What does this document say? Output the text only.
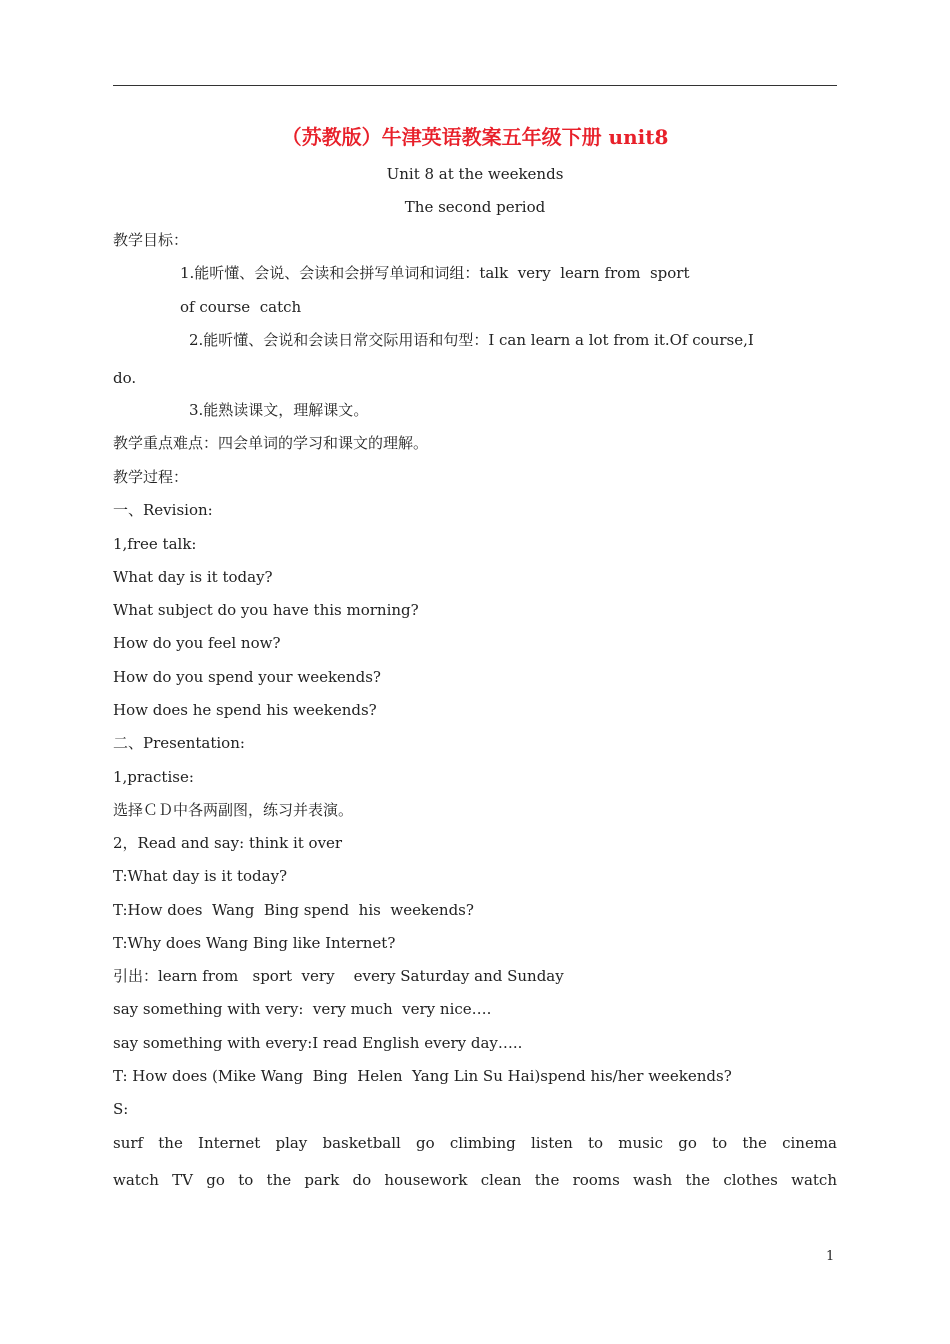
（苏教版）牛津英语教案五年级下册 unit8
Unit 8 at the weekends
The second period
教学目标：
1.能听懂、会说、会读和会拼写单词和词组：talk  very  learn from  sport
of course  catch
2.能听懂、会说和会读日常交际用语和句型：I can learn a lot from it.Of course,I
do.
3.能熟读课文，理解课文。
教学重点难点：四会单词的学习和课文的理解。
教学过程：
一、Revision:
1,free talk:
What day is it today?
What subject do you have this morning?
How do you feel now?
How do you spend your weekends?
How does he spend his weekends?
二、Presentation:
1,practise:
选择ＣＤ中各两副图，练习并表演。
2，Read and say: think it over
T:What day is it today?
T:How does  Wang  Bing spend  his  weekends?
T:Why does Wang Bing like Internet?
引出：learn from   sport  very    every Saturday and Sunday
say something with very:  very much  very nice….
say something with every:I read English every day…..
T: How does (Mike Wang  Bing  Helen  Yang Lin Su Hai)spend his/her weekends?
S:
surf the Internet play basketball go climbing listen to music go to the cinema
watch TV go to the park do housework clean the rooms wash the clothes watch
1
